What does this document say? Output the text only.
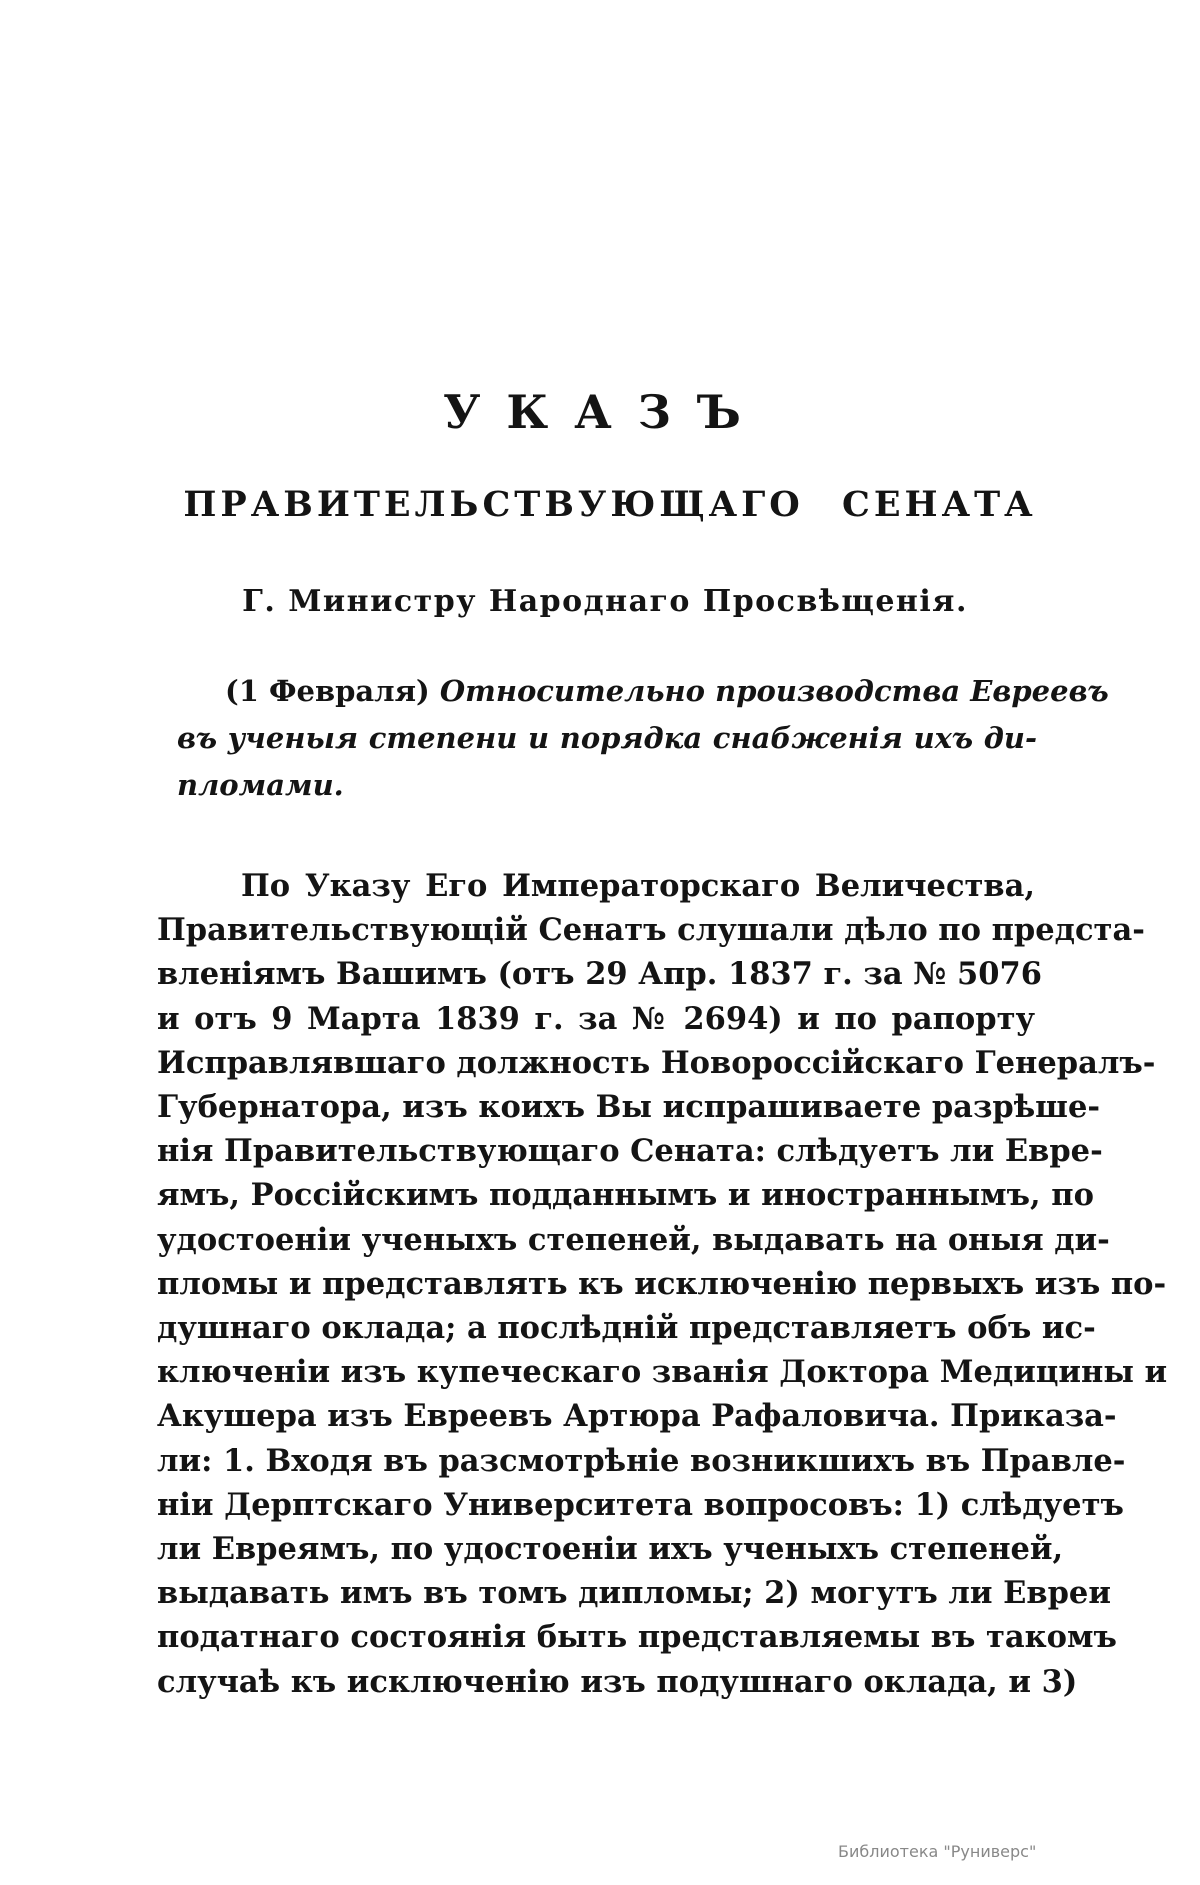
УКАЗЪ
ПРАВИТЕЛЬСТВУЮЩАГО СЕНАТА
Г. Министру Народнаго Просвѣщенія.
(1 Февраля) Относительно производства Евреевъ
въ ученыя степени и порядка снабженія ихъ ди-
пломами.
По Указу Его Императорскаго Величества,
Правительствующій Сенатъ слушали дѣло по предста-
вленіямъ Вашимъ (отъ 29 Апр. 1837 г. за № 5076
и отъ 9 Марта 1839 г. за № 2694) и по рапорту
Исправлявшаго должность Новороссійскаго Генералъ-
Губернатора, изъ коихъ Вы испрашиваете разрѣше-
нія Правительствующаго Сената: слѣдуетъ ли Евре-
ямъ, Россійскимъ подданнымъ и иностраннымъ, по
удостоеніи ученыхъ степеней, выдавать на оныя ди-
пломы и представлять къ исключенію первыхъ изъ по-
душнаго оклада; а послѣдній представляетъ объ ис-
ключеніи изъ купеческаго званія Доктора Медицины и
Акушера изъ Евреевъ Артюра Рафаловича. Приказа-
ли: 1. Входя въ разсмотрѣніе возникшихъ въ Правле-
ніи Дерптскаго Университета вопросовъ: 1) слѣдуетъ
ли Евреямъ, по удостоеніи ихъ ученыхъ степеней,
выдавать имъ въ томъ дипломы; 2) могутъ ли Евреи
податнаго состоянія быть представляемы въ такомъ
случаѣ къ исключенію изъ подушнаго оклада, и 3)
Библиотека "Руниверс"
